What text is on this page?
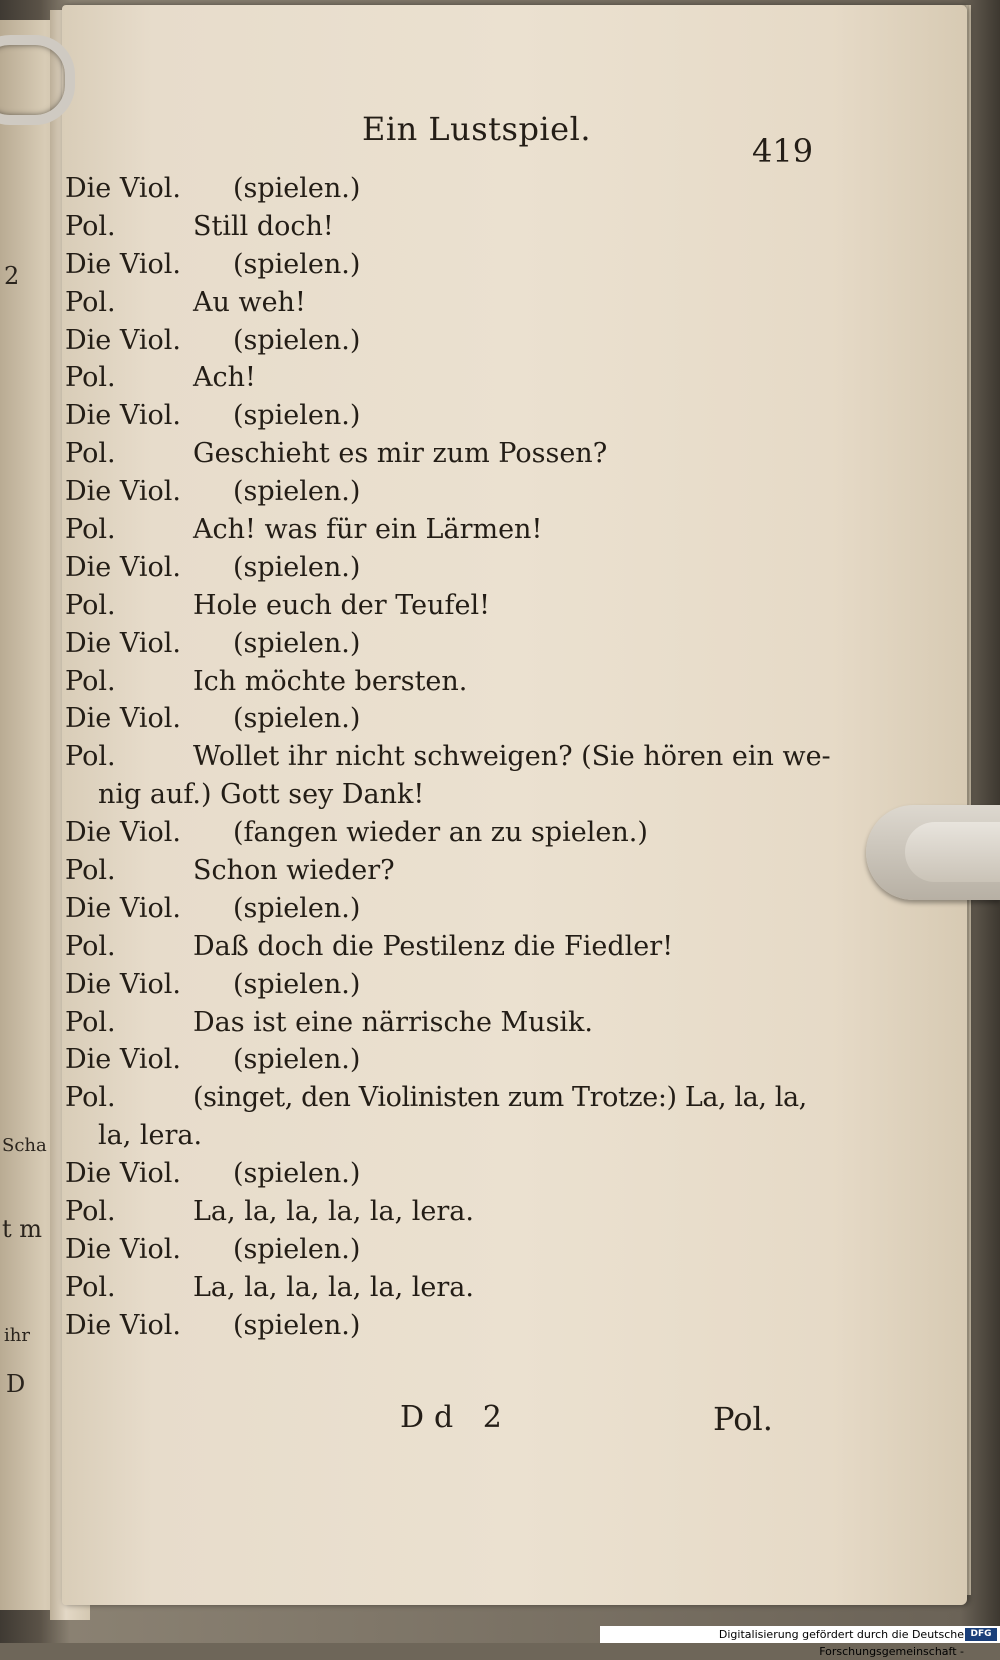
2
Scha
t m
ihr
D
Ein Lustspiel.
419
Die Viol. (spielen.)
Pol.	Still doch!
Die Viol. (spielen.)
Pol.	Au weh!
Die Viol. (spielen.)
Pol.	Ach!
Die Viol. (spielen.)
Pol.	Geschieht es mir zum Possen?
Die Viol. (spielen.)
Pol.	Ach! was für ein Lärmen!
Die Viol. (spielen.)
Pol.	Hole euch der Teufel!
Die Viol. (spielen.)
Pol.	Ich möchte bersten.
Die Viol. (spielen.)
Pol.	Wollet ihr nicht schweigen? (Sie hören ein we-
nig auf.) Gott sey Dank!
Die Viol. (fangen wieder an zu spielen.)
Pol.	Schon wieder?
Die Viol. (spielen.)
Pol.	Daß doch die Pestilenz die Fiedler!
Die Viol. (spielen.)
Pol.	Das ist eine närrische Musik.
Die Viol. (spielen.)
Pol.	(singet, den Violinisten zum Trotze:) La, la, la,
la, lera.
Die Viol. (spielen.)
Pol.	La, la, la, la, la, lera.
Die Viol. (spielen.)
Pol.	La, la, la, la, la, lera.
Die Viol. (spielen.)
Dd 2	Pol.
Digitalisierung gefördert durch die Deutsche Forschungsgemeinschaft -
DFG
